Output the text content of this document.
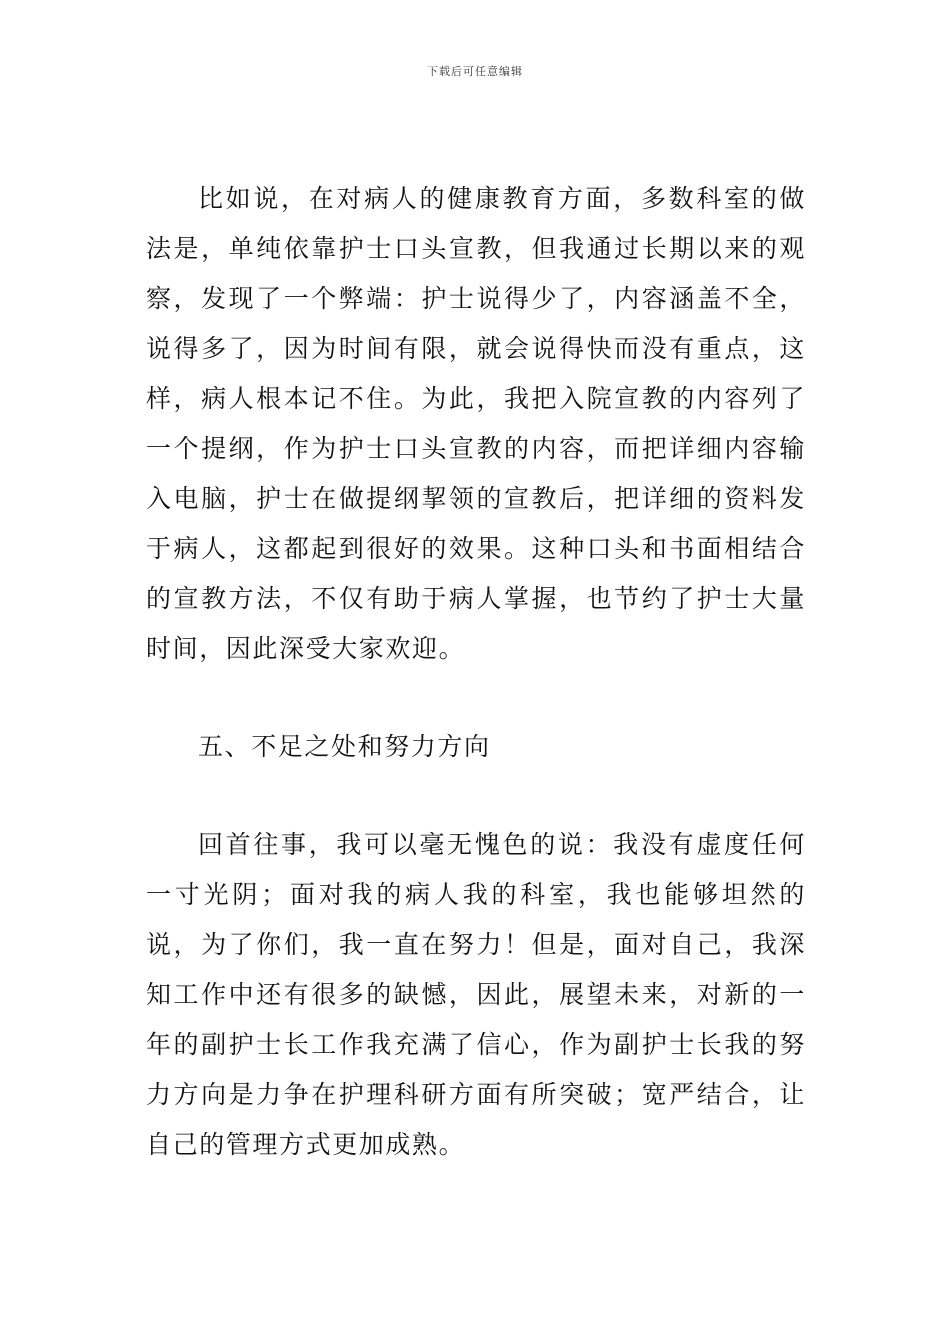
下载后可任意编辑

比如说，在对病人的健康教育方面，多数科室的做法是，单纯依靠护士口头宣教，但我通过长期以来的观察，发现了一个弊端：护士说得少了，内容涵盖不全，说得多了，因为时间有限，就会说得快而没有重点，这样，病人根本记不住。为此，我把入院宣教的内容列了一个提纲，作为护士口头宣教的内容，而把详细内容输入电脑，护士在做提纲挈领的宣教后，把详细的资料发于病人，这都起到很好的效果。这种口头和书面相结合的宣教方法，不仅有助于病人掌握，也节约了护士大量时间，因此深受大家欢迎。

五、不足之处和努力方向

回首往事，我可以毫无愧色的说：我没有虚度任何一寸光阴；面对我的病人我的科室，我也能够坦然的说，为了你们，我一直在努力！但是，面对自己，我深知工作中还有很多的缺憾，因此，展望未来，对新的一年的副护士长工作我充满了信心，作为副护士长我的努力方向是力争在护理科研方面有所突破；宽严结合，让自己的管理方式更加成熟。
